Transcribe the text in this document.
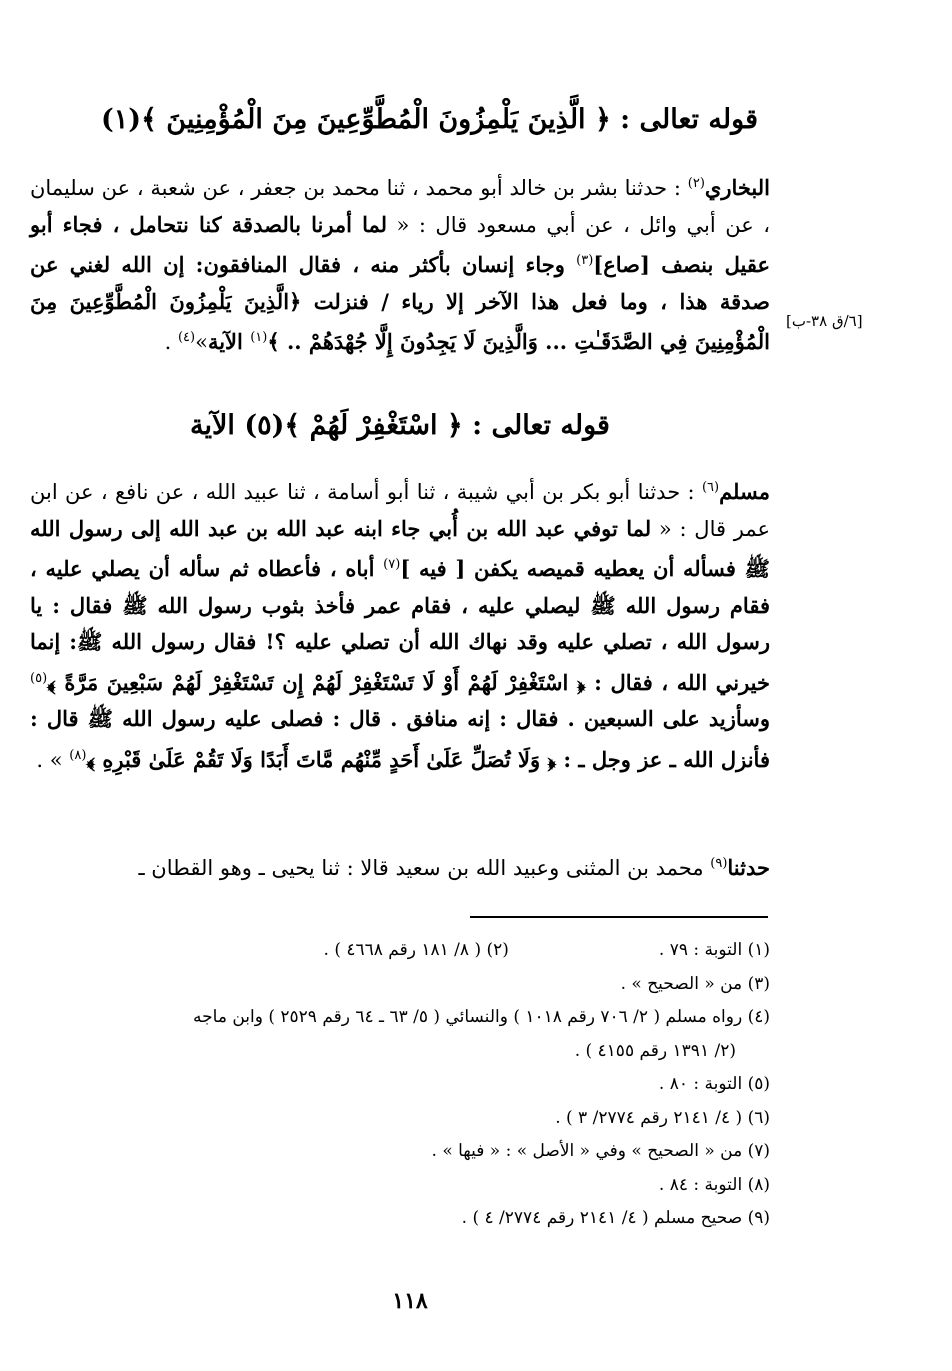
قوله تعالى : ﴿ الَّذِينَ يَلْمِزُونَ الْمُطَّوِّعِينَ مِنَ الْمُؤْمِنِينَ ﴾(١)
[٦/ق ٣٨-ب]

البخاري$^{(٢)}$ : حدثنا بشر بن خالد أبو محمد ، ثنا محمد بن جعفر ، عن شعبة ، عن سليمان ، عن أبي وائل ، عن أبي مسعود قال : « لما أمرنا بالصدقة كنا نتحامل ، فجاء أبو عقيل بنصف [صاع]$^{(٣)}$ وجاء إنسان بأكثر منه ، فقال المنافقون: إن الله لغني عن صدقة هذا ، وما فعل هذا الآخر إلا رياء / فنزلت ﴿الَّذِينَ يَلْمِزُونَ الْمُطَّوِّعِينَ مِنَ الْمُؤْمِنِينَ فِي الصَّدَقَـٰتِ ... وَالَّذِينَ لَا يَجِدُونَ إِلَّا جُهْدَهُمْ .. ﴾$^{(١)}$ الآية»$^{(٤)}$ .

قوله تعالى : ﴿ اسْتَغْفِرْ لَهُمْ ﴾(٥) الآية

مسلم$^{(٦)}$ : حدثنا أبو بكر بن أبي شيبة ، ثنا أبو أسامة ، ثنا عبيد الله ، عن نافع ، عن ابن عمر قال : « لما توفي عبد الله بن أُبي جاء ابنه عبد الله بن عبد الله إلى رسول الله ﷺ فسأله أن يعطيه قميصه يكفن [ فيه ]$^{(٧)}$ أباه ، فأعطاه ثم سأله أن يصلي عليه ، فقام رسول الله ﷺ ليصلي عليه ، فقام عمر فأخذ بثوب رسول الله ﷺ فقال : يا رسول الله ، تصلي عليه وقد نهاك الله أن تصلي عليه ؟! فقال رسول الله ﷺ: إنما خيرني الله ، فقال : ﴿ اسْتَغْفِرْ لَهُمْ أَوْ لَا تَسْتَغْفِرْ لَهُمْ إِن تَسْتَغْفِرْ لَهُمْ سَبْعِينَ مَرَّةً ﴾$^{(٥)}$ وسأزيد على السبعين . فقال : إنه منافق . قال : فصلى عليه رسول الله ﷺ قال : فأنزل الله ـ عز وجل ـ : ﴿ وَلَا تُصَلِّ عَلَىٰ أَحَدٍ مِّنْهُم مَّاتَ أَبَدًا وَلَا تَقُمْ عَلَىٰ قَبْرِهِ ﴾$^{(٨)}$ » .

حدثنا$^{(٩)}$ محمد بن المثنى وعبيد الله بن سعيد قالا : ثنا يحيى ـ وهو القطان ـ

(١) التوبة : ٧٩ .
(٢) ( ٨/ ١٨١ رقم ٤٦٦٨ ) .
(٣) من « الصحيح » .
(٤) رواه مسلم ( ٢/ ٧٠٦ رقم ١٠١٨ ) والنسائي ( ٥/ ٦٣ ـ ٦٤ رقم ٢٥٢٩ ) وابن ماجه
(٢/ ١٣٩١ رقم ٤١٥٥ ) .
(٥) التوبة : ٨٠ .
(٦) ( ٤/ ٢١٤١ رقم ٢٧٧٤/ ٣ ) .
(٧) من « الصحيح » وفي « الأصل » : « فيها » .
(٨) التوبة : ٨٤ .
(٩) صحيح مسلم ( ٤/ ٢١٤١ رقم ٢٧٧٤/ ٤ ) .
١١٨
